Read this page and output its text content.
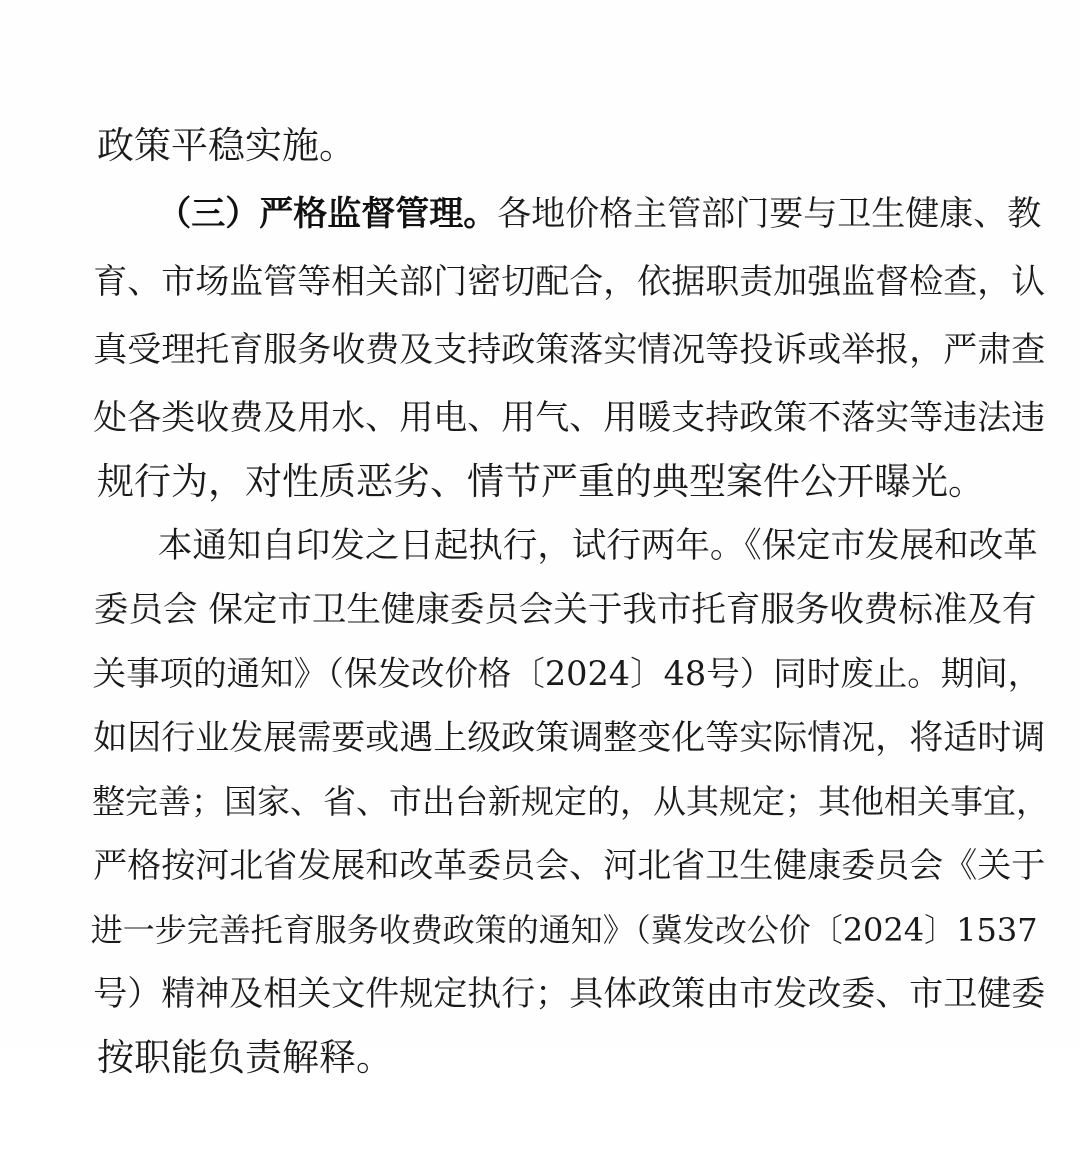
政策平稳实施。

（三）严格监督管理。各地价格主管部门要与卫生健康、教

育、市场监管等相关部门密切配合，依据职责加强监督检查，认

真受理托育服务收费及支持政策落实情况等投诉或举报，严肃查

处各类收费及用水、用电、用气、用暖支持政策不落实等违法违

规行为，对性质恶劣、情节严重的典型案件公开曝光。

本通知自印发之日起执行，试行两年。《保定市发展和改革

委员会 保定市卫生健康委员会关于我市托育服务收费标准及有

关事项的通知》（保发改价格〔2024〕48号）同时废止。期间，

如因行业发展需要或遇上级政策调整变化等实际情况，将适时调

整完善；国家、省、市出台新规定的，从其规定；其他相关事宜，

严格按河北省发展和改革委员会、河北省卫生健康委员会《关于

进一步完善托育服务收费政策的通知》（冀发改公价〔2024〕1537

号）精神及相关文件规定执行；具体政策由市发改委、市卫健委

按职能负责解释。
